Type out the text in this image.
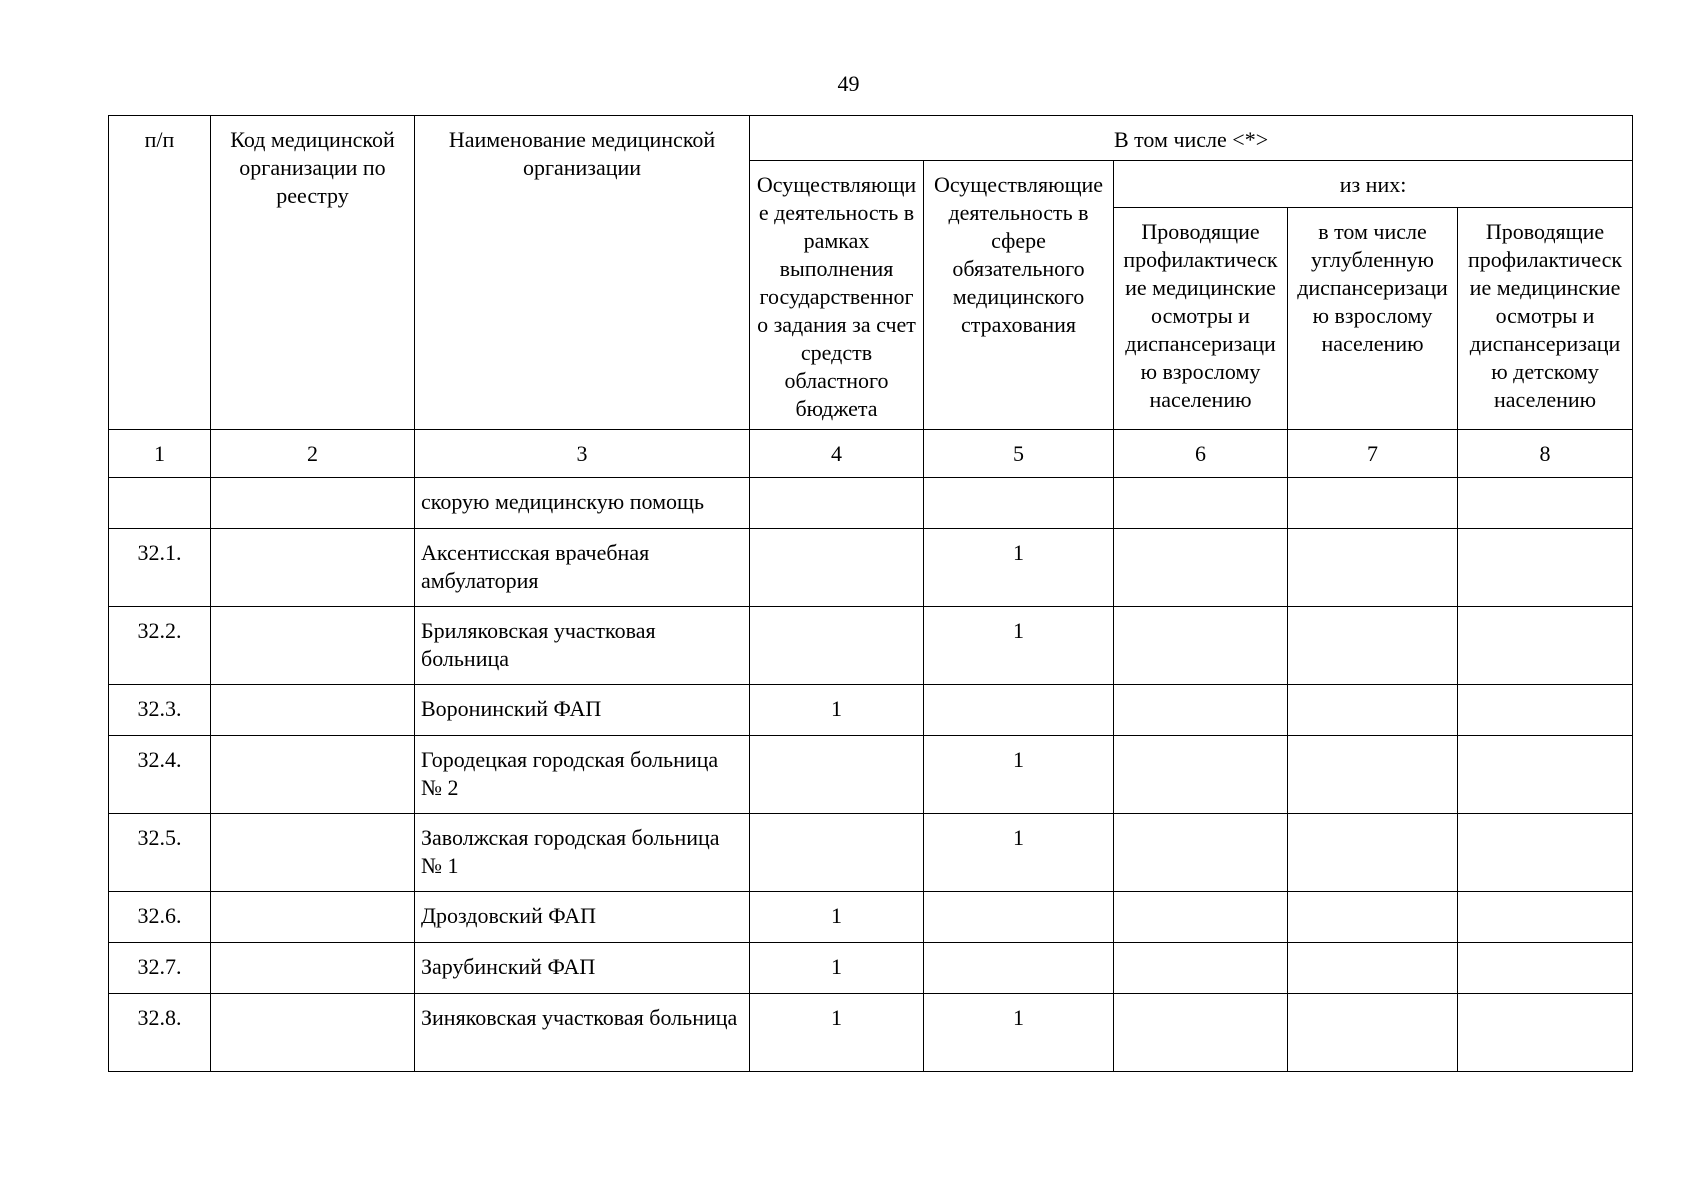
49
п/п	Код медицинской организации по реестру	Наименование медицинской организации	В том числе <*>				
			Осуществляющие деятельность в рамках выполнения государственного задания за счет средств областного бюджета	Осуществляющие деятельность в сфере обязательного медицинского страхования	из них:		
					Проводящие профилактические медицинские осмотры и диспансеризацию взрослому населению	в том числе углубленную диспансеризацию взрослому населению	Проводящие профилактические медицинские осмотры и диспансеризацию детскому населению
1	2	3	4	5	6	7	8
		скорую медицинскую помощь					
32.1.		Аксентисская врачебная амбулатория		1			
32.2.		Бриляковская участковая больница		1			
32.3.		Воронинский ФАП	1				
32.4.		Городецкая городская больница № 2		1			
32.5.		Заволжская городская больница № 1		1			
32.6.		Дроздовский ФАП	1				
32.7.		Зарубинский ФАП	1				
32.8.		Зиняковская участковая больница	1	1			
